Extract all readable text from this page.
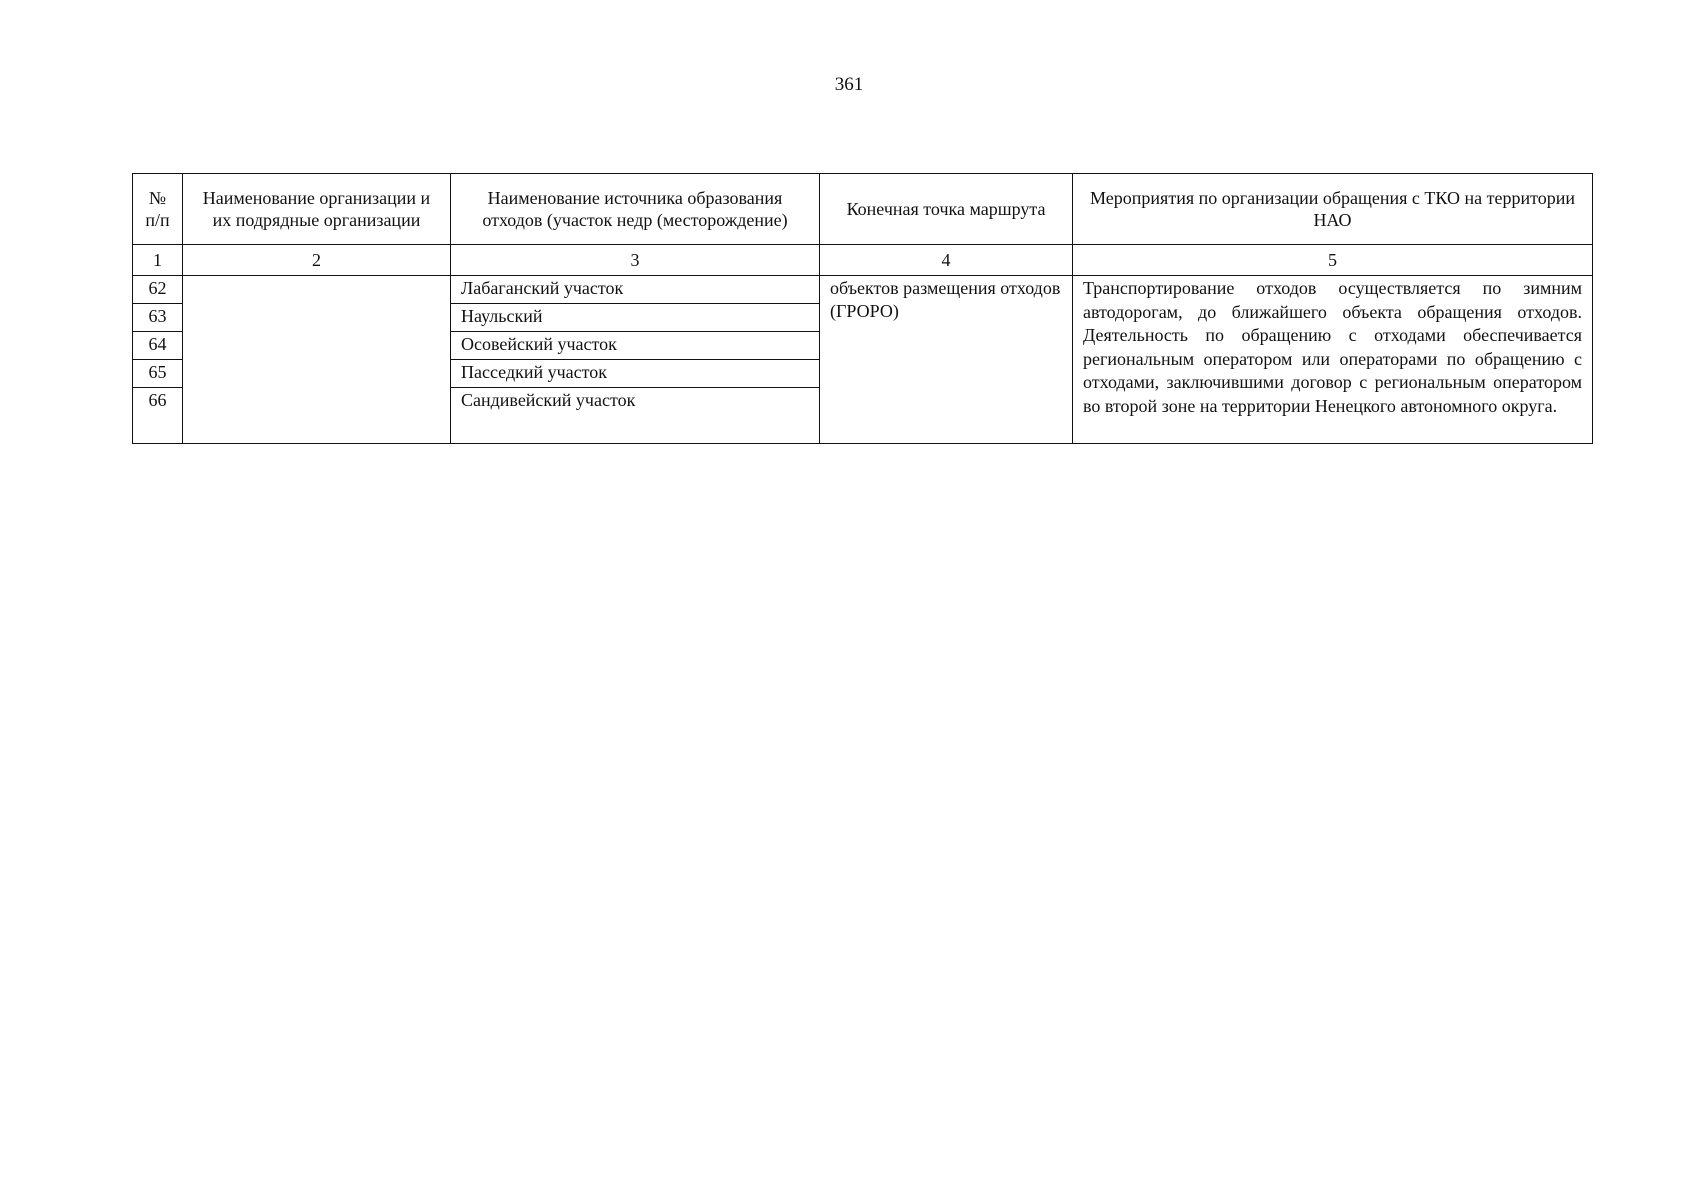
361
№ п/п	Наименование организации и их подрядные организации	Наименование источника образования отходов (участок недр (месторождение)	Конечная точка маршрута	Мероприятия по организации обращения с ТКО на территории НАО
1	2	3	4	5
62		Лабаганский участок	объектов размещения отходов (ГРОРО)	Транспортирование отходов осуществляется по зимним автодорогам, до ближайшего объекта обращения отходов. Деятельность по обращению с отходами обеспечивается региональным оператором или операторами по обращению с отходами, заключившими договор с региональным оператором во второй зоне на территории Ненецкого автономного округа.
63		Наульский		
64		Осовейский участок		
65		Пасседкий участок		
66		Сандивейский участок		
